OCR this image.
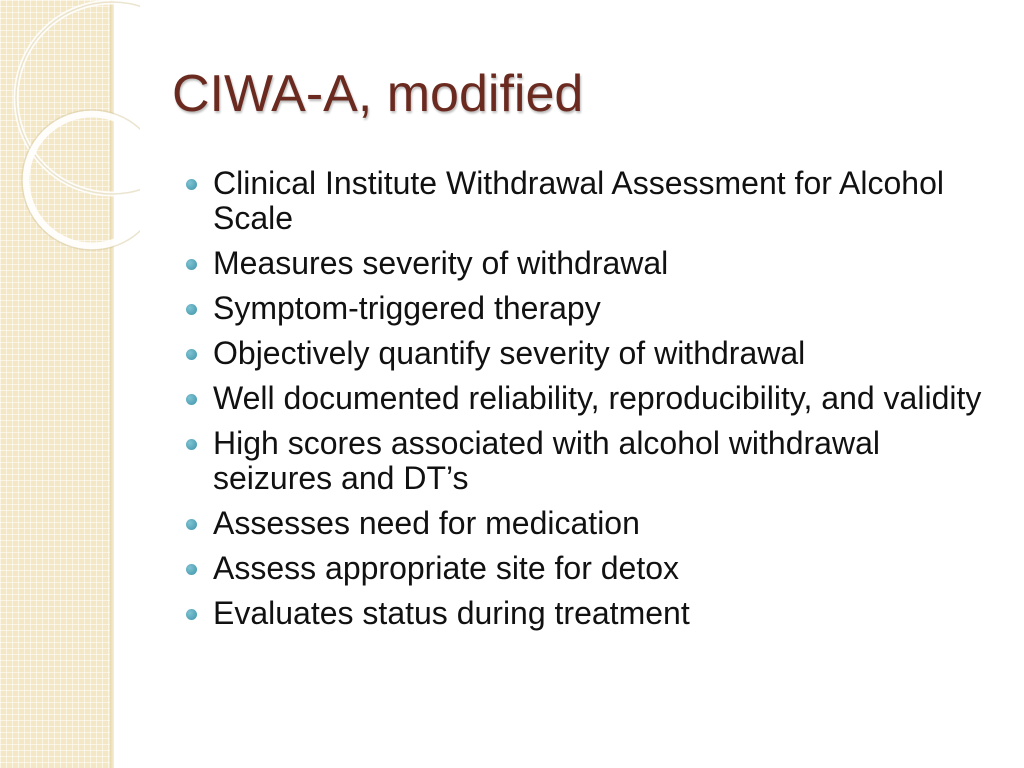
CIWA-A, modified
Clinical Institute Withdrawal Assessment for Alcohol Scale
Measures severity of withdrawal
Symptom-triggered therapy
Objectively quantify severity of withdrawal
Well documented reliability, reproducibility, and validity
High scores associated with alcohol withdrawal seizures and DT’s
Assesses need for medication
Assess appropriate site for detox
Evaluates status during treatment
